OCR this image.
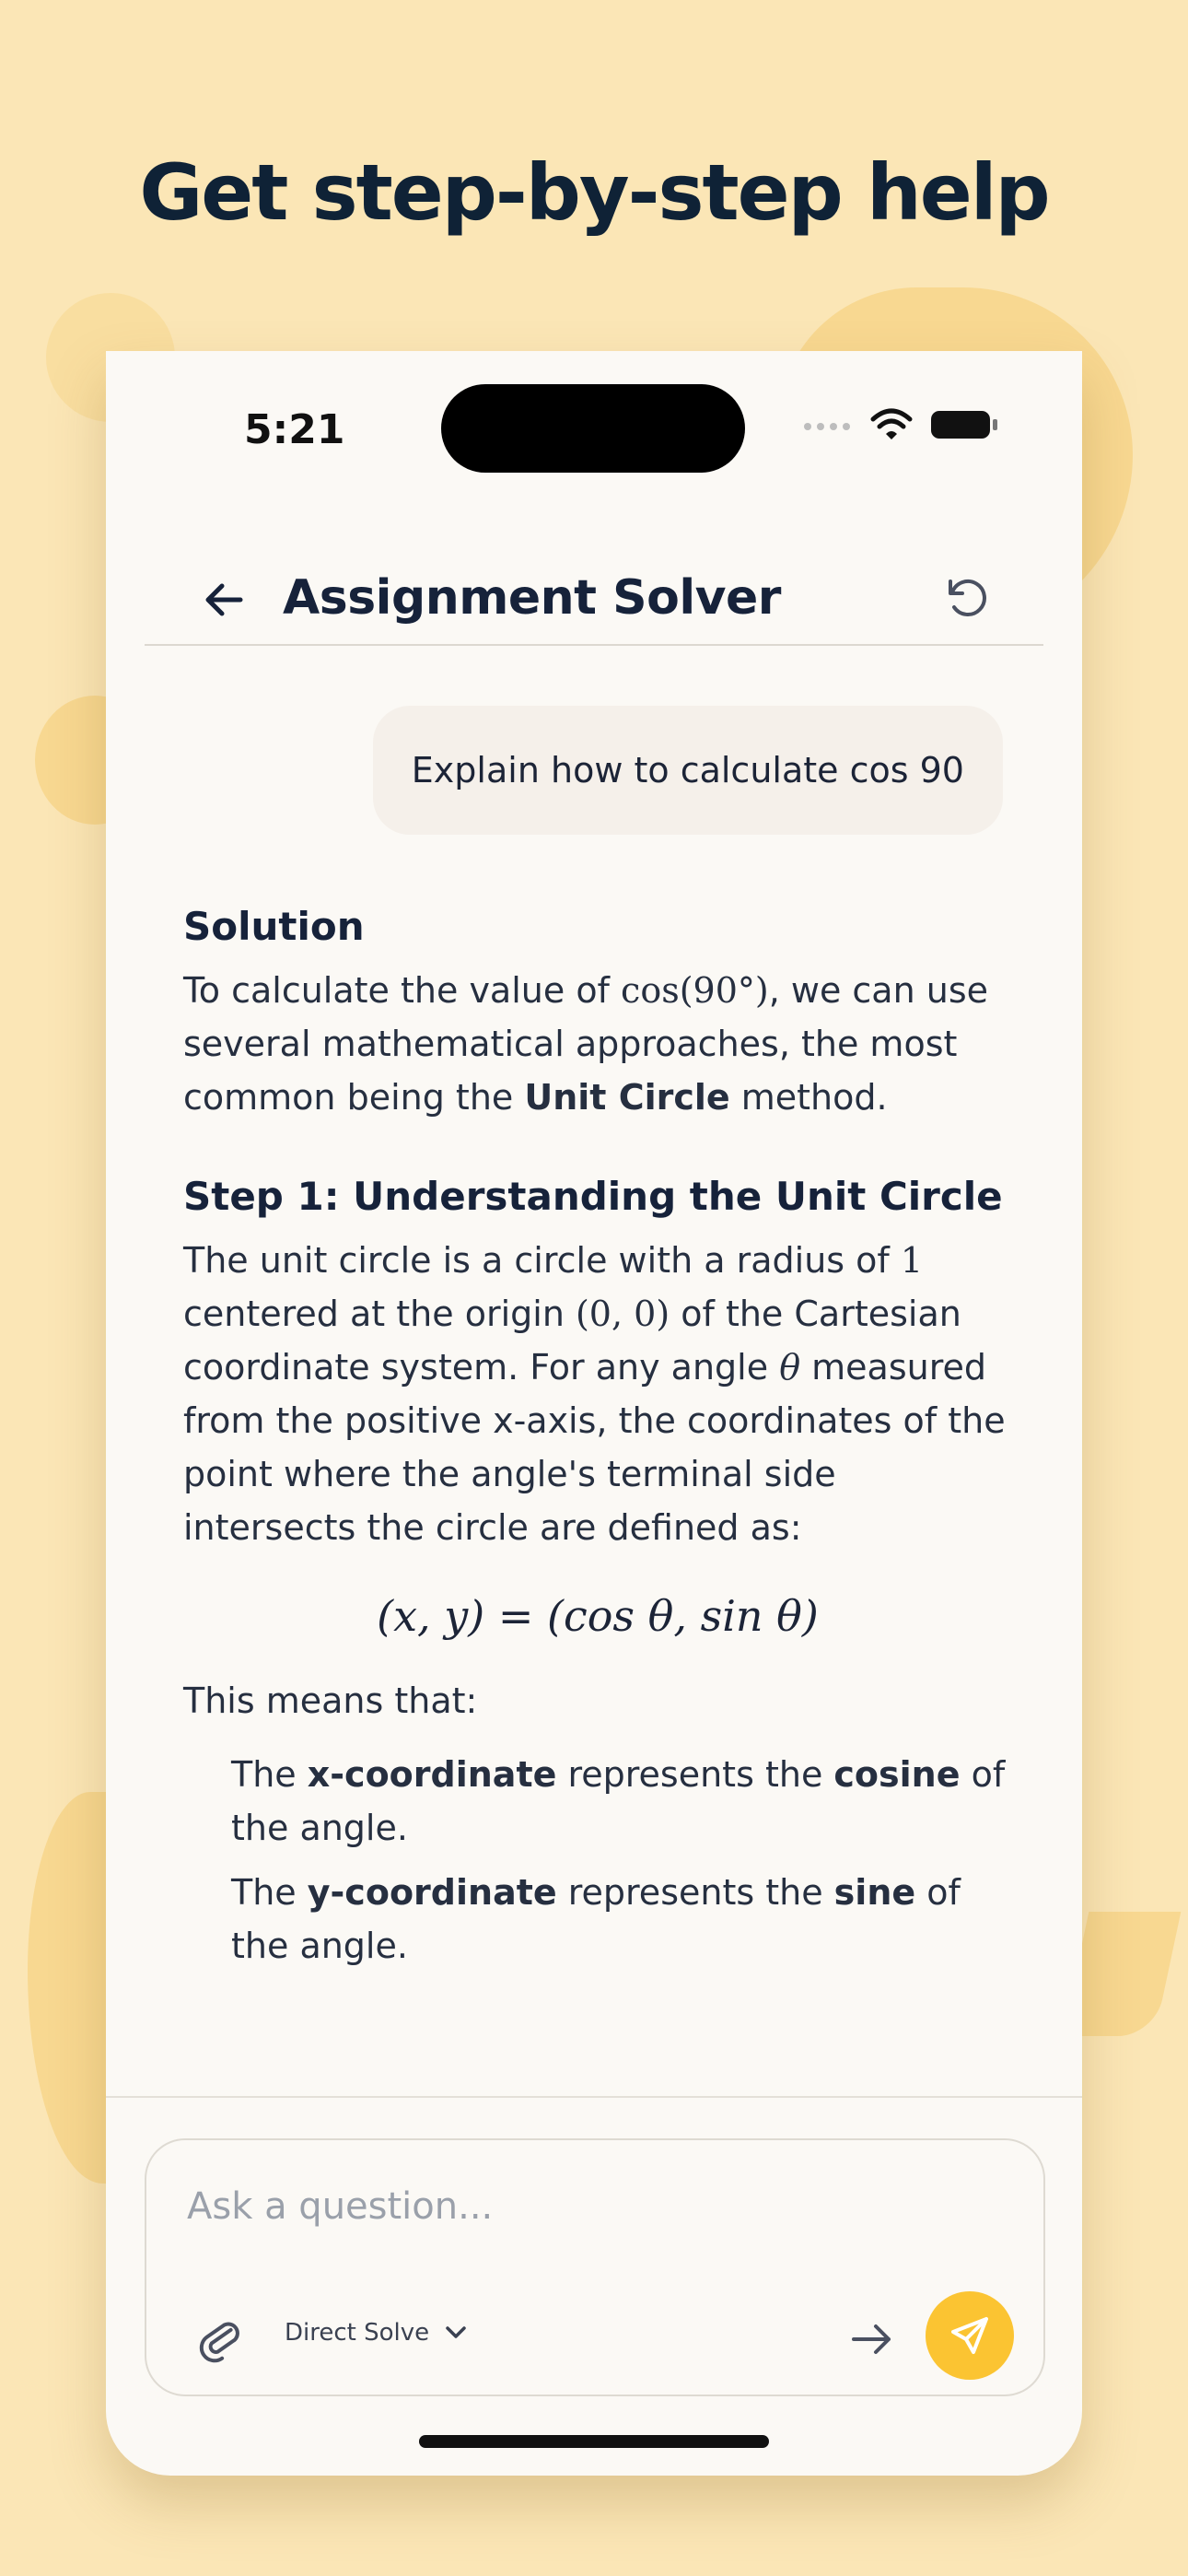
Get step-by-step help
5:21
Assignment Solver
Explain how to calculate cos 90
Solution

To calculate the value of cos(90°), we can use several mathematical approaches, the most common being the Unit Circle method.

Step 1: Understanding the Unit Circle

The unit circle is a circle with a radius of 1 centered at the origin (0, 0) of the Cartesian coordinate system. For any angle θ measured from the positive x-axis, the coordinates of the point where the angle's terminal side intersects the circle are defined as:

(x, y) = (cos θ, sin θ)

This means that:

The x-coordinate represents the cosine of the angle.

The y-coordinate represents the sine of the angle.

Ask a question...
Direct Solve
